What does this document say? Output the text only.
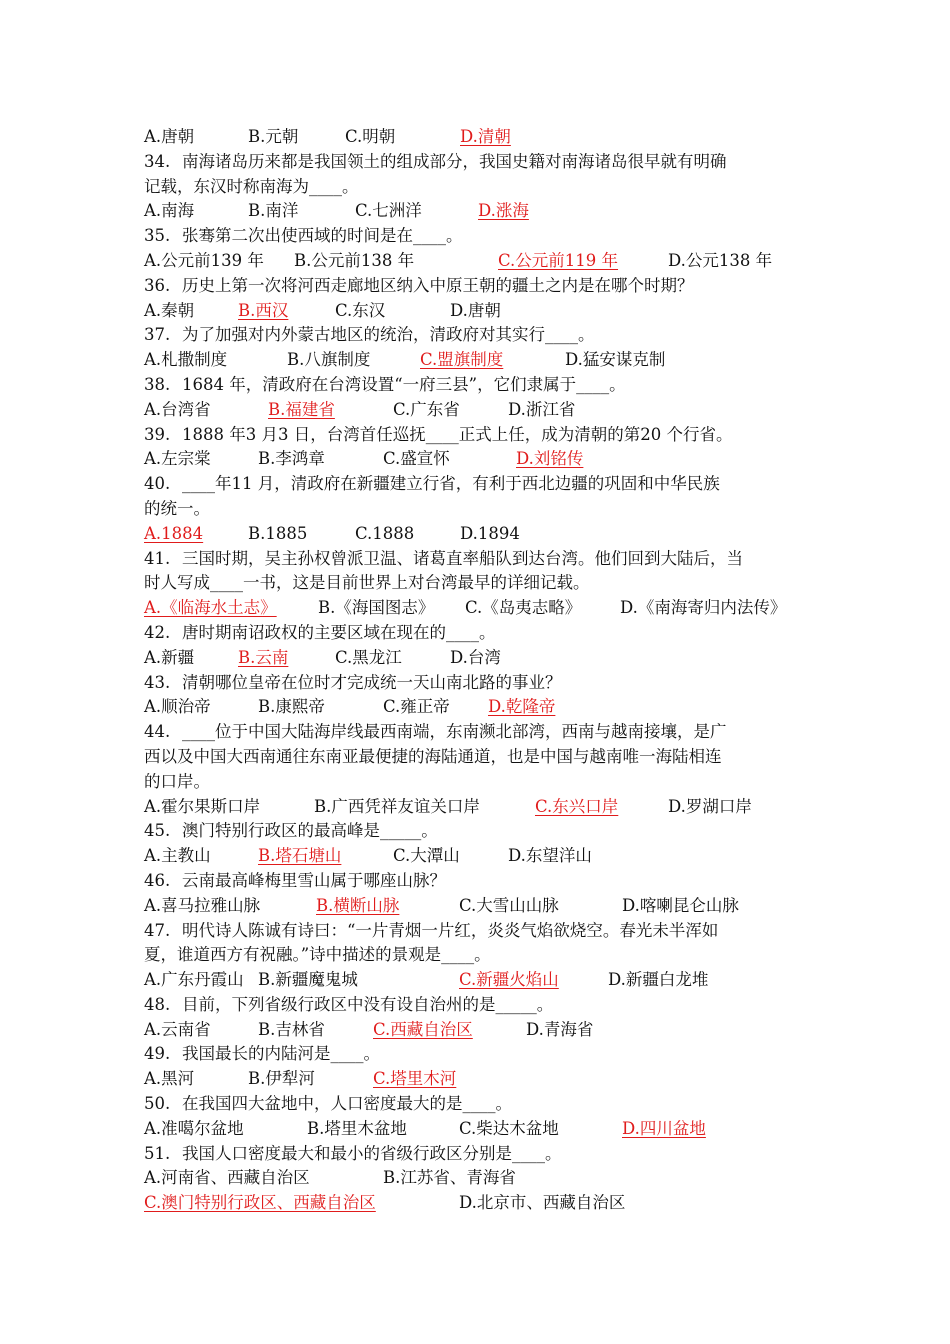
A.唐朝	B.元朝	C.明朝	D.清朝
34. 南海诸岛历来都是我国领土的组成部分，我国史籍对南海诸岛很早就有明确
记载，东汉时称南海为____。
A.南海	B.南洋	C.七洲洋	D.涨海
35. 张骞第二次出使西域的时间是在____。
A.公元前139 年 B.公元前138 年	C.公元前119 年	D.公元138 年
36. 历史上第一次将河西走廊地区纳入中原王朝的疆土之内是在哪个时期？
A.秦朝	B.西汉	C.东汉	D.唐朝
37. 为了加强对内外蒙古地区的统治，清政府对其实行____。
A.札撒制度	B.八旗制度	C.盟旗制度	D.猛安谋克制
38. 1684 年，清政府在台湾设置“一府三县”，它们隶属于____。
A.台湾省	B.福建省	C.广东省	D.浙江省
39. 1888 年3 月3 日，台湾首任巡抚____正式上任，成为清朝的第20 个行省。
A.左宗棠	B.李鸿章	C.盛宣怀	D.刘铭传
40. ____年11 月，清政府在新疆建立行省，有利于西北边疆的巩固和中华民族
的统一。
A.1884	B.1885	C.1888	D.1894
41. 三国时期，吴主孙权曾派卫温、诸葛直率船队到达台湾。他们回到大陆后，当
时人写成____一书，这是目前世界上对台湾最早的详细记载。
A.《临海水土志》	B.《海国图志》 C.《岛夷志略》 D.《南海寄归内法传》
42. 唐时期南诏政权的主要区域在现在的____。
A.新疆	B.云南	C.黑龙江	D.台湾
43. 清朝哪位皇帝在位时才完成统一天山南北路的事业？
A.顺治帝	B.康熙帝	C.雍正帝 D.乾隆帝
44. ____位于中国大陆海岸线最西南端，东南濒北部湾，西南与越南接壤，是广
西以及中国大西南通往东南亚最便捷的海陆通道，也是中国与越南唯一海陆相连
的口岸。
A.霍尔果斯口岸	B.广西凭祥友谊关口岸	C.东兴口岸	D.罗湖口岸
45. 澳门特别行政区的最高峰是_____。
A.主教山	B.塔石塘山	C.大潭山	D.东望洋山
46. 云南最高峰梅里雪山属于哪座山脉？
A.喜马拉雅山脉	B.横断山脉	C.大雪山山脉	D.喀喇昆仑山脉
47. 明代诗人陈诚有诗曰：“一片青烟一片红，炎炎气焰欲烧空。春光未半浑如
夏，谁道西方有祝融。”诗中描述的景观是____。
A.广东丹霞山 B.新疆魔鬼城	C.新疆火焰山	D.新疆白龙堆
48. 目前，下列省级行政区中没有设自治州的是_____。
A.云南省	B.吉林省	C.西藏自治区	D.青海省
49. 我国最长的内陆河是____。
A.黑河	B.伊犁河	C.塔里木河
50. 在我国四大盆地中，人口密度最大的是____。
A.准噶尔盆地	B.塔里木盆地	C.柴达木盆地	D.四川盆地
51. 我国人口密度最大和最小的省级行政区分别是____。
A.河南省、西藏自治区	B.江苏省、青海省
C.澳门特别行政区、西藏自治区	D.北京市、西藏自治区
